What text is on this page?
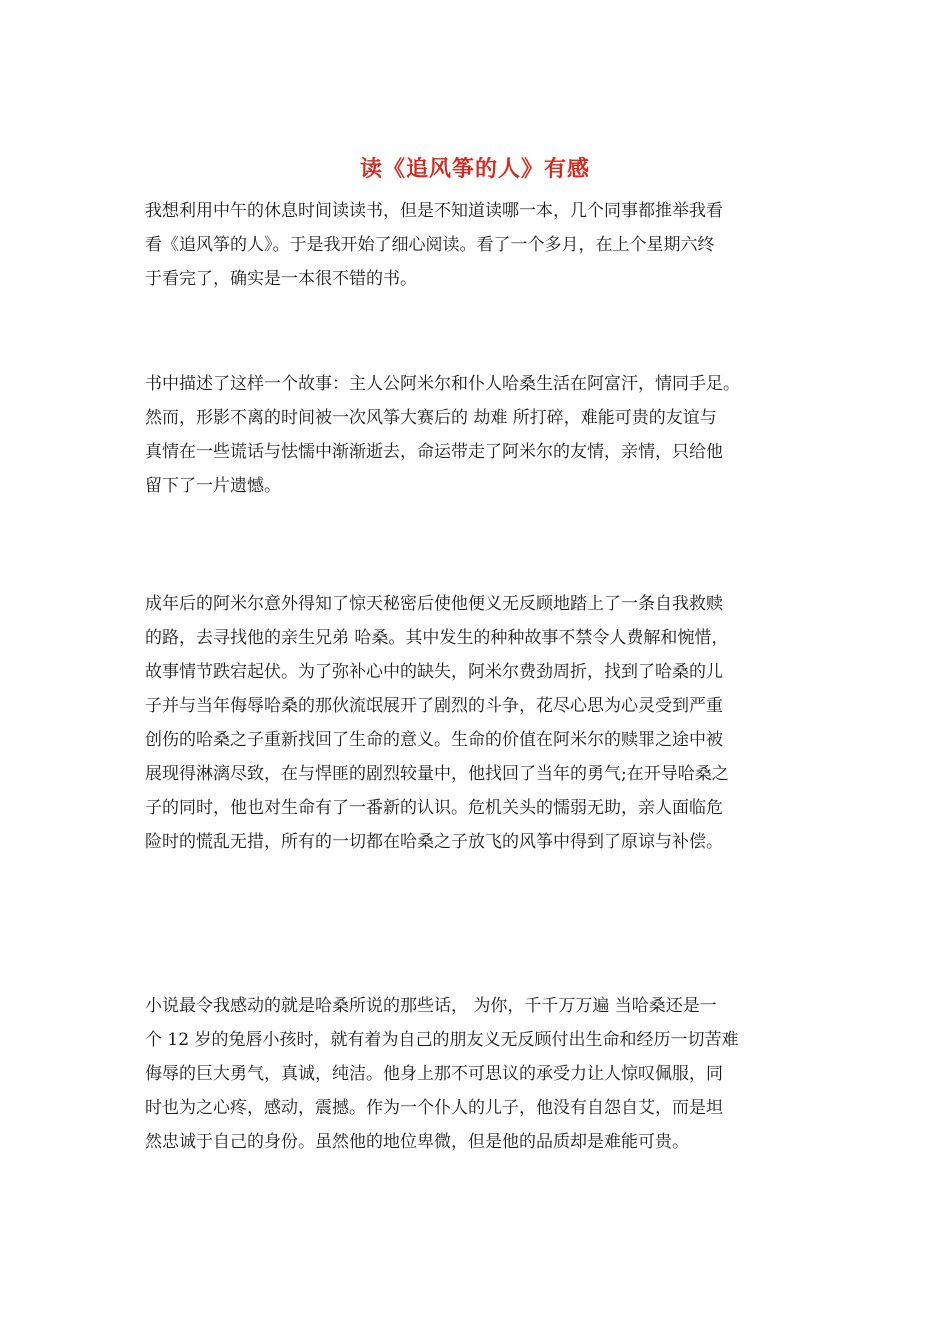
读《追风筝的人》有感
我想利用中午的休息时间读读书，但是不知道读哪一本，几个同事都推举我看
看《追风筝的人》。于是我开始了细心阅读。看了一个多月，在上个星期六终
于看完了，确实是一本很不错的书。
书中描述了这样一个故事：主人公阿米尔和仆人哈桑生活在阿富汗，情同手足。
然而，形影不离的时间被一次风筝大赛后的 劫难 所打碎，难能可贵的友谊与
真情在一些谎话与怯懦中渐渐逝去，命运带走了阿米尔的友情，亲情，只给他
留下了一片遗憾。
成年后的阿米尔意外得知了惊天秘密后使他便义无反顾地踏上了一条自我救赎
的路，去寻找他的亲生兄弟 哈桑。其中发生的种种故事不禁令人费解和惋惜，
故事情节跌宕起伏。为了弥补心中的缺失，阿米尔费劲周折，找到了哈桑的儿
子并与当年侮辱哈桑的那伙流氓展开了剧烈的斗争，花尽心思为心灵受到严重
创伤的哈桑之子重新找回了生命的意义。生命的价值在阿米尔的赎罪之途中被
展现得淋漓尽致，在与悍匪的剧烈较量中，他找回了当年的勇气;在开导哈桑之
子的同时，他也对生命有了一番新的认识。危机关头的懦弱无助，亲人面临危
险时的慌乱无措，所有的一切都在哈桑之子放飞的风筝中得到了原谅与补偿。
小说最令我感动的就是哈桑所说的那些话， 为你，千千万万遍 当哈桑还是一
个 12 岁的兔唇小孩时，就有着为自己的朋友义无反顾付出生命和经历一切苦难
侮辱的巨大勇气，真诚，纯洁。他身上那不可思议的承受力让人惊叹佩服，同
时也为之心疼，感动，震撼。作为一个仆人的儿子，他没有自怨自艾，而是坦
然忠诚于自己的身份。虽然他的地位卑微，但是他的品质却是难能可贵。
